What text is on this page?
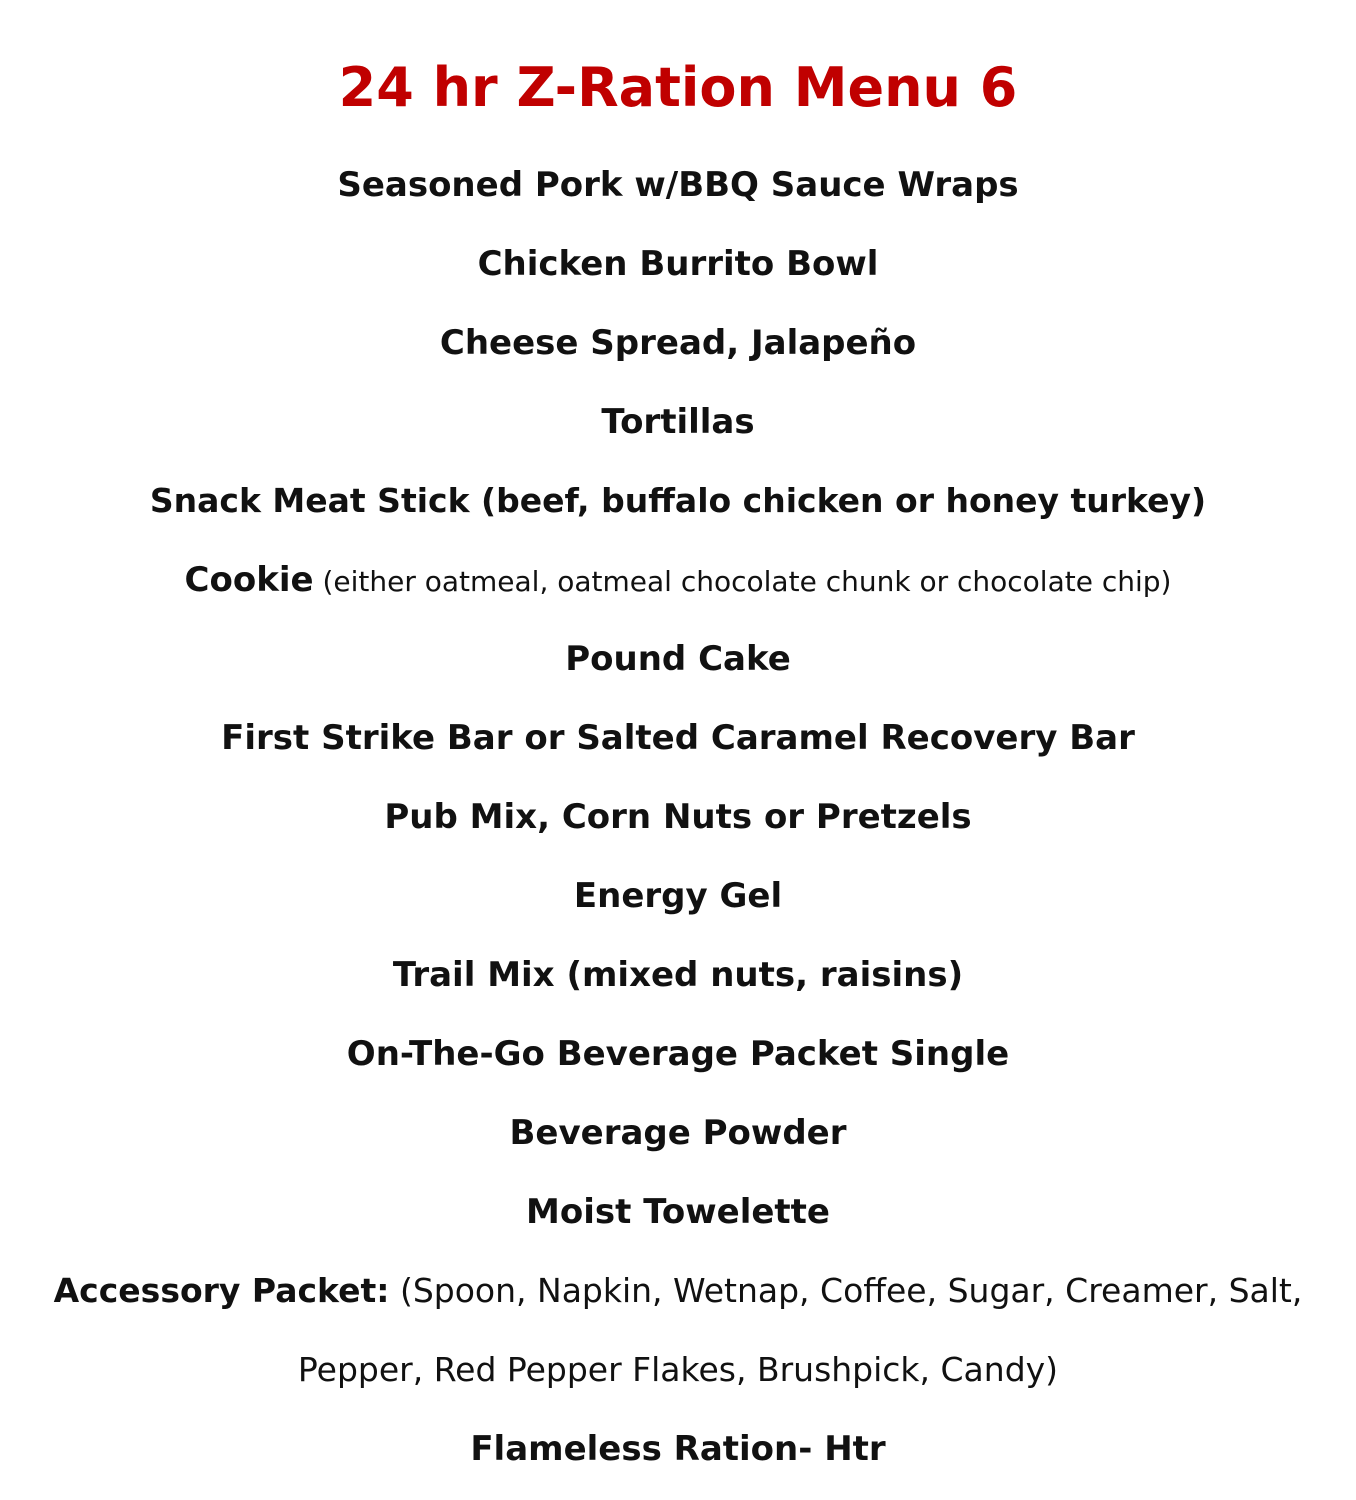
24 hr Z-Ration Menu 6
Seasoned Pork w/BBQ Sauce Wraps
Chicken Burrito Bowl
Cheese Spread, Jalapeño
Tortillas
Snack Meat Stick (beef, buffalo chicken or honey turkey)
Cookie (either oatmeal, oatmeal chocolate chunk or chocolate chip)
Pound Cake
First Strike Bar or Salted Caramel Recovery Bar
Pub Mix, Corn Nuts or Pretzels
Energy Gel
Trail Mix (mixed nuts, raisins)
On-The-Go Beverage Packet Single
Beverage Powder
Moist Towelette
Accessory Packet: (Spoon, Napkin, Wetnap, Coffee, Sugar, Creamer, Salt,
Pepper, Red Pepper Flakes, Brushpick, Candy)
Flameless Ration- Htr
